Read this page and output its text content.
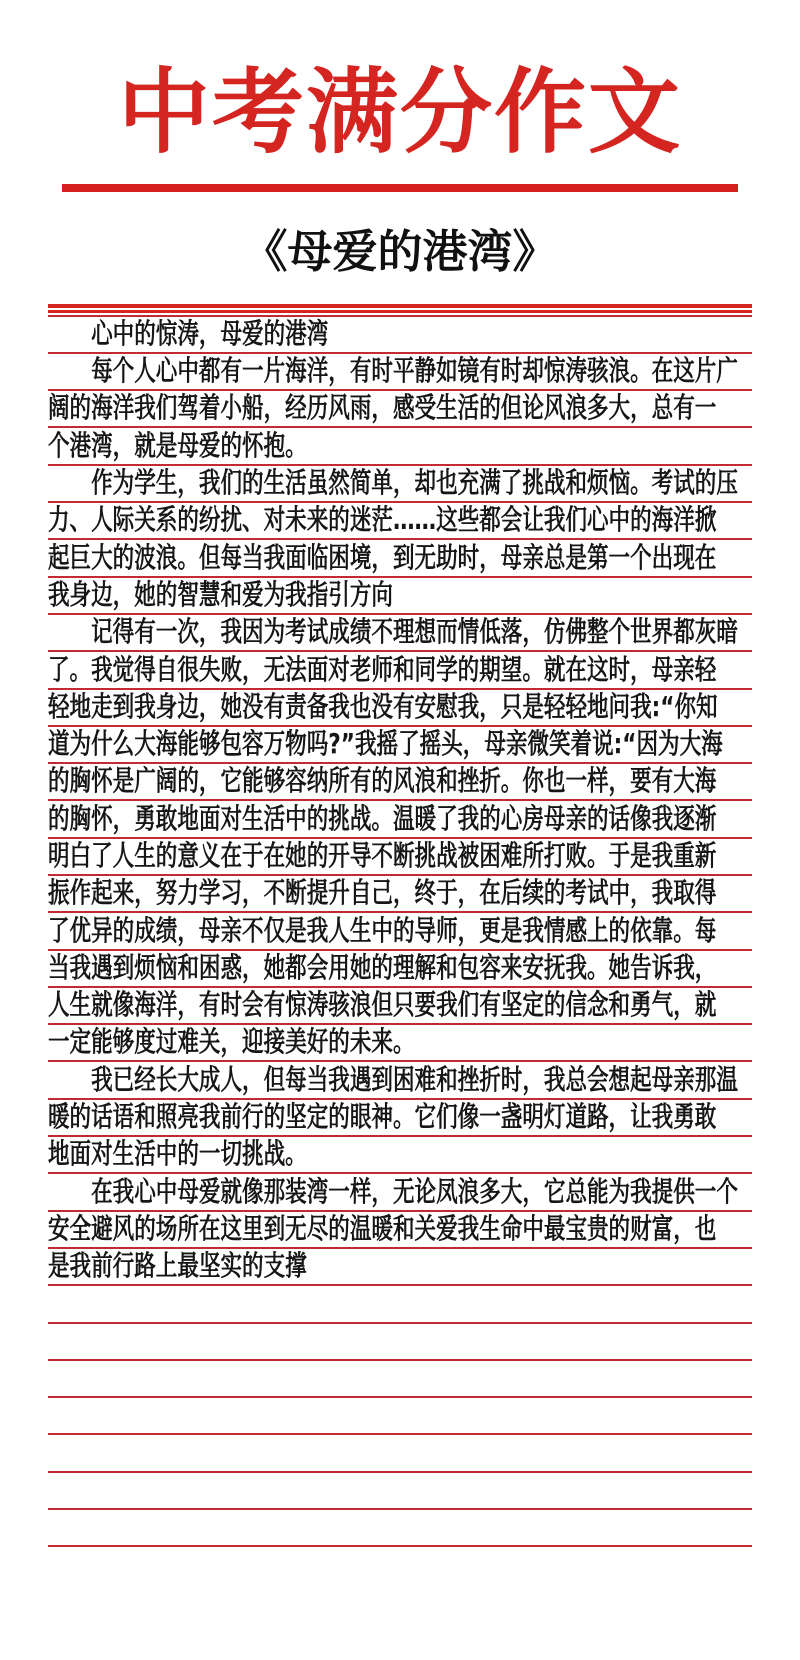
中考满分作文
《母爱的港湾》
心中的惊涛，母爱的港湾
每个人心中都有一片海洋，有时平静如镜有时却惊涛骇浪。在这片广
阔的海洋我们驾着小船，经历风雨，感受生活的但论风浪多大，总有一
个港湾，就是母爱的怀抱。
作为学生，我们的生活虽然简单，却也充满了挑战和烦恼。考试的压
力、人际关系的纷扰、对未来的迷茫……这些都会让我们心中的海洋掀
起巨大的波浪。但每当我面临困境，到无助时，母亲总是第一个出现在
我身边，她的智慧和爱为我指引方向
记得有一次，我因为考试成绩不理想而情低落，仿佛整个世界都灰暗
了。我觉得自很失败，无法面对老师和同学的期望。就在这时，母亲轻
轻地走到我身边，她没有责备我也没有安慰我，只是轻轻地问我:“你知
道为什么大海能够包容万物吗?”我摇了摇头，母亲微笑着说:“因为大海
的胸怀是广阔的，它能够容纳所有的风浪和挫折。你也一样，要有大海
的胸怀，勇敢地面对生活中的挑战。温暖了我的心房母亲的话像我逐渐
明白了人生的意义在于在她的开导不断挑战被困难所打败。于是我重新
振作起来，努力学习，不断提升自己，终于，在后续的考试中，我取得
了优异的成绩，母亲不仅是我人生中的导师，更是我情感上的依靠。每
当我遇到烦恼和困惑，她都会用她的理解和包容来安抚我。她告诉我，
人生就像海洋，有时会有惊涛骇浪但只要我们有坚定的信念和勇气，就
一定能够度过难关，迎接美好的未来。
我已经长大成人，但每当我遇到困难和挫折时，我总会想起母亲那温
暖的话语和照亮我前行的坚定的眼神。它们像一盏明灯道路，让我勇敢
地面对生活中的一切挑战。
在我心中母爱就像那装湾一样，无论凤浪多大，它总能为我提供一个
安全避风的场所在这里到无尽的温暖和关爱我生命中最宝贵的财富，也
是我前行路上最坚实的支撑
